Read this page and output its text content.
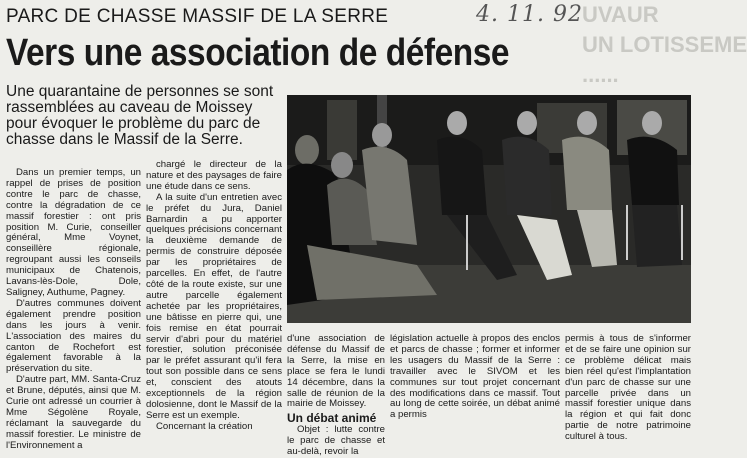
PARC DE CHASSE MASSIF DE LA SERRE	4. 11. 92 UVAUR
UN LOTISSEME
......
Vers une association de défense
Une quarantaine de personnes se sont rassemblées au caveau de Moissey pour évoquer le problème du parc de chasse dans le Massif de la Serre.

Dans un premier temps, un rappel de prises de position contre le parc de chasse, contre la dégradation de ce massif forestier : ont pris position M. Curie, conseiller général, Mme Voynet, conseillère régionale, regroupant aussi les conseils municipaux de Chatenois, Lavans-lès-Dole, Dole, Saligney, Authume, Pagney.

D'autres communes doivent également prendre position dans les jours à venir. L'association des maires du canton de Rochefort est également favorable à la préservation du site.

D'autre part, MM. Santa-Cruz et Brune, députés, ainsi que M. Curie ont adressé un courrier à Mme Ségolène Royale, réclamant la sauvegarde du massif forestier. Le ministre de l'Environnement a

chargé le directeur de la nature et des paysages de faire une étude dans ce sens.

A la suite d'un entretien avec le préfet du Jura, Daniel Barnardin a pu apporter quelques précisions concernant la deuxième demande de permis de construire déposée par les propriétaires de parcelles. En effet, de l'autre côté de la route existe, sur une autre parcelle également achetée par les propriétaires, une bâtisse en pierre qui, une fois remise en état pourrait servir d'abri pour du matériel forestier, solution préconisée par le préfet assurant qu'il fera tout son possible dans ce sens et, conscient des atouts exceptionnels de la région dolosienne, dont le Massif de la Serre est un exemple.

Concernant la création

d'une association de défense du Massif de la Serre, la mise en place se fera le lundi 14 décembre, dans la salle de réunion de la mairie de Moissey.

Un débat animé

Objet : lutte contre le parc de chasse et au-delà, revoir la

législation actuelle à propos des enclos et parcs de chasse ; former et informer les usagers du Massif de la Serre : travailler avec le SIVOM et les communes sur tout projet concernant des modifications dans ce massif. Tout au long de cette soirée, un débat animé a permis

permis à tous de s'informer et de se faire une opinion sur ce problème délicat mais bien réel qu'est l'implantation d'un parc de chasse sur une parcelle privée dans un massif forestier unique dans la région et qui fait donc partie de notre patrimoine culturel à tous.
